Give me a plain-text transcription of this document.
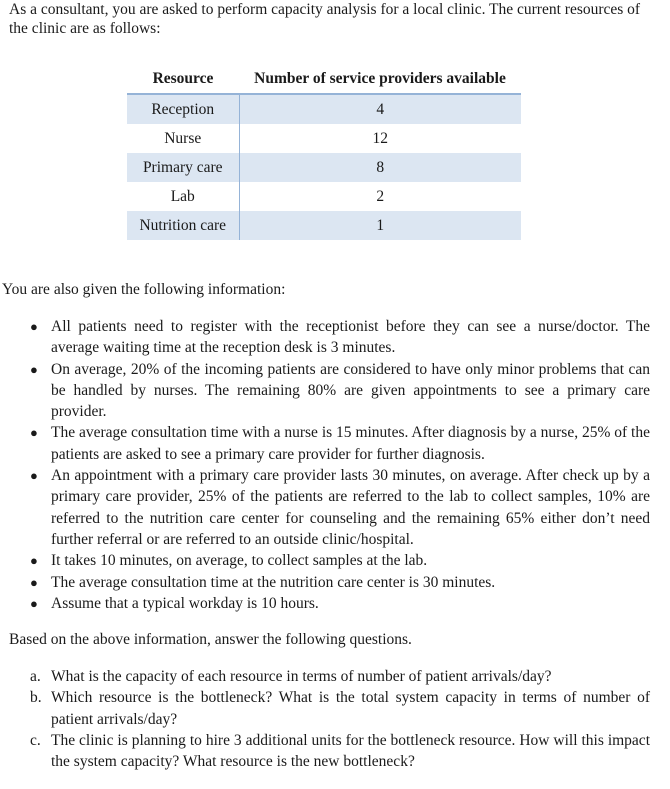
As a consultant, you are asked to perform capacity analysis for a local clinic. The current resources of the clinic are as follows:

Resource	Number of service providers available
Reception	4
Nurse	12
Primary care	8
Lab	2
Nutrition care	1

You are also given the following information:

● All patients need to register with the receptionist before they can see a nurse/doctor. The average waiting time at the reception desk is 3 minutes.
● On average, 20% of the incoming patients are considered to have only minor problems that can be handled by nurses. The remaining 80% are given appointments to see a primary care provider.
● The average consultation time with a nurse is 15 minutes. After diagnosis by a nurse, 25% of the patients are asked to see a primary care provider for further diagnosis.
● An appointment with a primary care provider lasts 30 minutes, on average. After check up by a primary care provider, 25% of the patients are referred to the lab to collect samples, 10% are referred to the nutrition care center for counseling and the remaining 65% either don’t need further referral or are referred to an outside clinic/hospital.
● It takes 10 minutes, on average, to collect samples at the lab.
● The average consultation time at the nutrition care center is 30 minutes.
● Assume that a typical workday is 10 hours.

Based on the above information, answer the following questions.

a. What is the capacity of each resource in terms of number of patient arrivals/day?
b. Which resource is the bottleneck? What is the total system capacity in terms of number of patient arrivals/day?
c. The clinic is planning to hire 3 additional units for the bottleneck resource. How will this impact the system capacity? What resource is the new bottleneck?
